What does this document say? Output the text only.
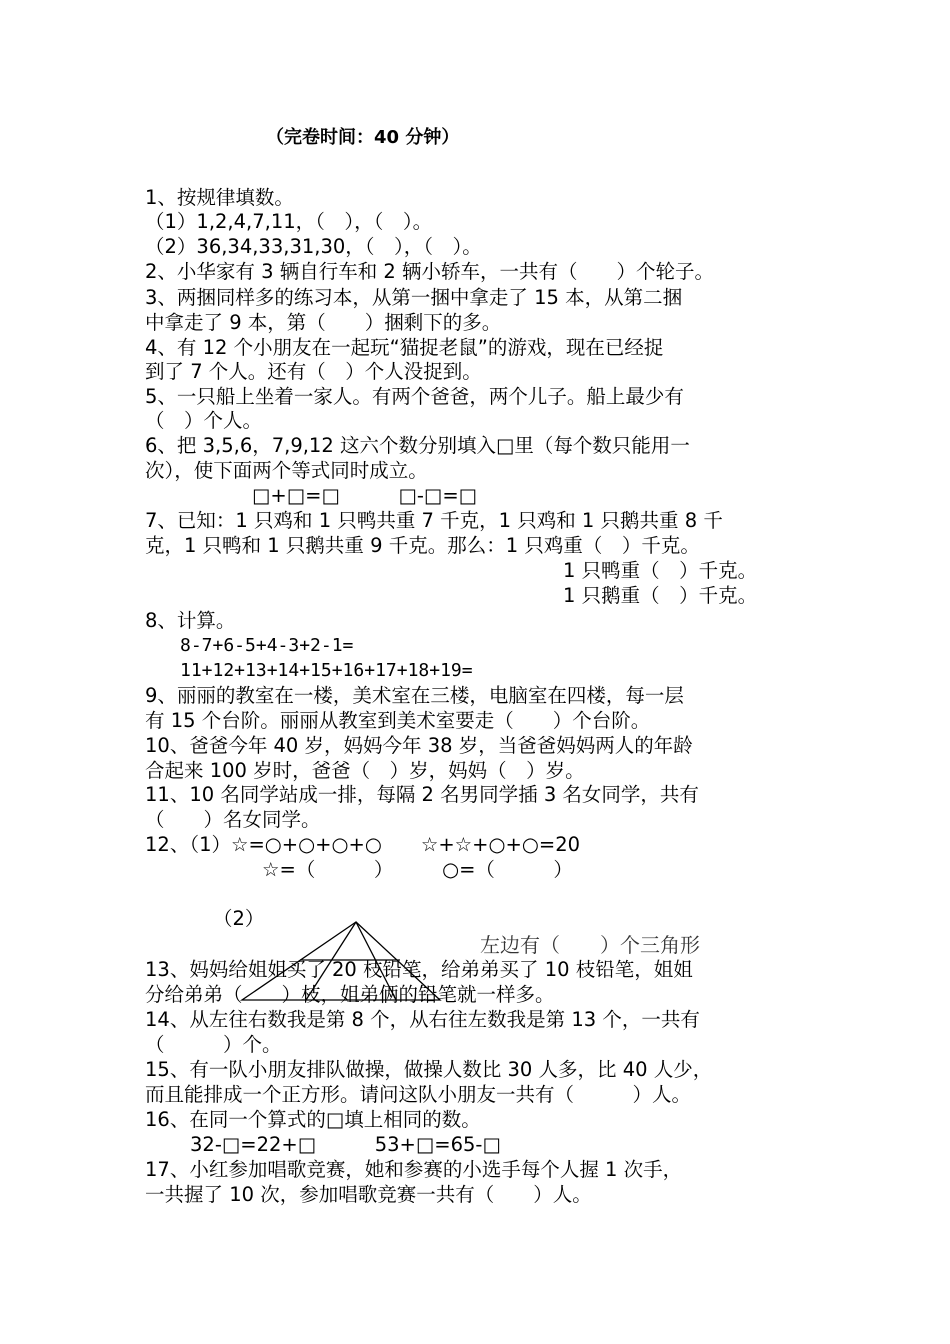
（完卷时间：40 分钟）
1、按规律填数。
（1）1,2,4,7,11，（　），（　）。
（2）36,34,33,31,30，（　），（　）。
2、小华家有 3 辆自行车和 2 辆小轿车，一共有（　　）个轮子。
3、两捆同样多的练习本，从第一捆中拿走了 15 本，从第二捆
中拿走了 9 本，第（　　）捆剩下的多。
4、有 12 个小朋友在一起玩“猫捉老鼠”的游戏，现在已经捉
到了 7 个人。还有（　）个人没捉到。
5、一只船上坐着一家人。有两个爸爸，两个儿子。船上最少有
（　）个人。
6、把 3,5,6，7,9,12 这六个数分别填入□里（每个数只能用一
次），使下面两个等式同时成立。
□+□=□　　　□-□=□
7、已知：1 只鸡和 1 只鸭共重 7 千克，1 只鸡和 1 只鹅共重 8 千
克，1 只鸭和 1 只鹅共重 9 千克。那么：1 只鸡重（　）千克。
1 只鸭重（　）千克。
1 只鹅重（　）千克。
8、计算。
8-7+6-5+4-3+2-1=
11+12+13+14+15+16+17+18+19=
9、丽丽的教室在一楼，美术室在三楼，电脑室在四楼，每一层
有 15 个台阶。丽丽从教室到美术室要走（　　）个台阶。
10、爸爸今年 40 岁，妈妈今年 38 岁，当爸爸妈妈两人的年龄
合起来 100 岁时，爸爸（　）岁，妈妈（　）岁。
11、10 名同学站成一排，每隔 2 名男同学插 3 名女同学，共有
（　　）名女同学。
12、（1）☆=○+○+○+○　　☆+☆+○+○=20
☆=（　　　）　　　○=（　　　）
（2）
左边有（　　）个三角形
13、妈妈给姐姐买了 20 枝铅笔，给弟弟买了 10 枝铅笔，姐姐
分给弟弟（　　）枝，姐弟俩的铅笔就一样多。
14、从左往右数我是第 8 个，从右往左数我是第 13 个，一共有
（　　　）个。
15、有一队小朋友排队做操，做操人数比 30 人多，比 40 人少，
而且能排成一个正方形。请问这队小朋友一共有（　　　）人。
16、在同一个算式的□填上相同的数。
32-□=22+□　　　53+□=65-□
17、小红参加唱歌竞赛，她和参赛的小选手每个人握 1 次手，
一共握了 10 次，参加唱歌竞赛一共有（　　）人。
